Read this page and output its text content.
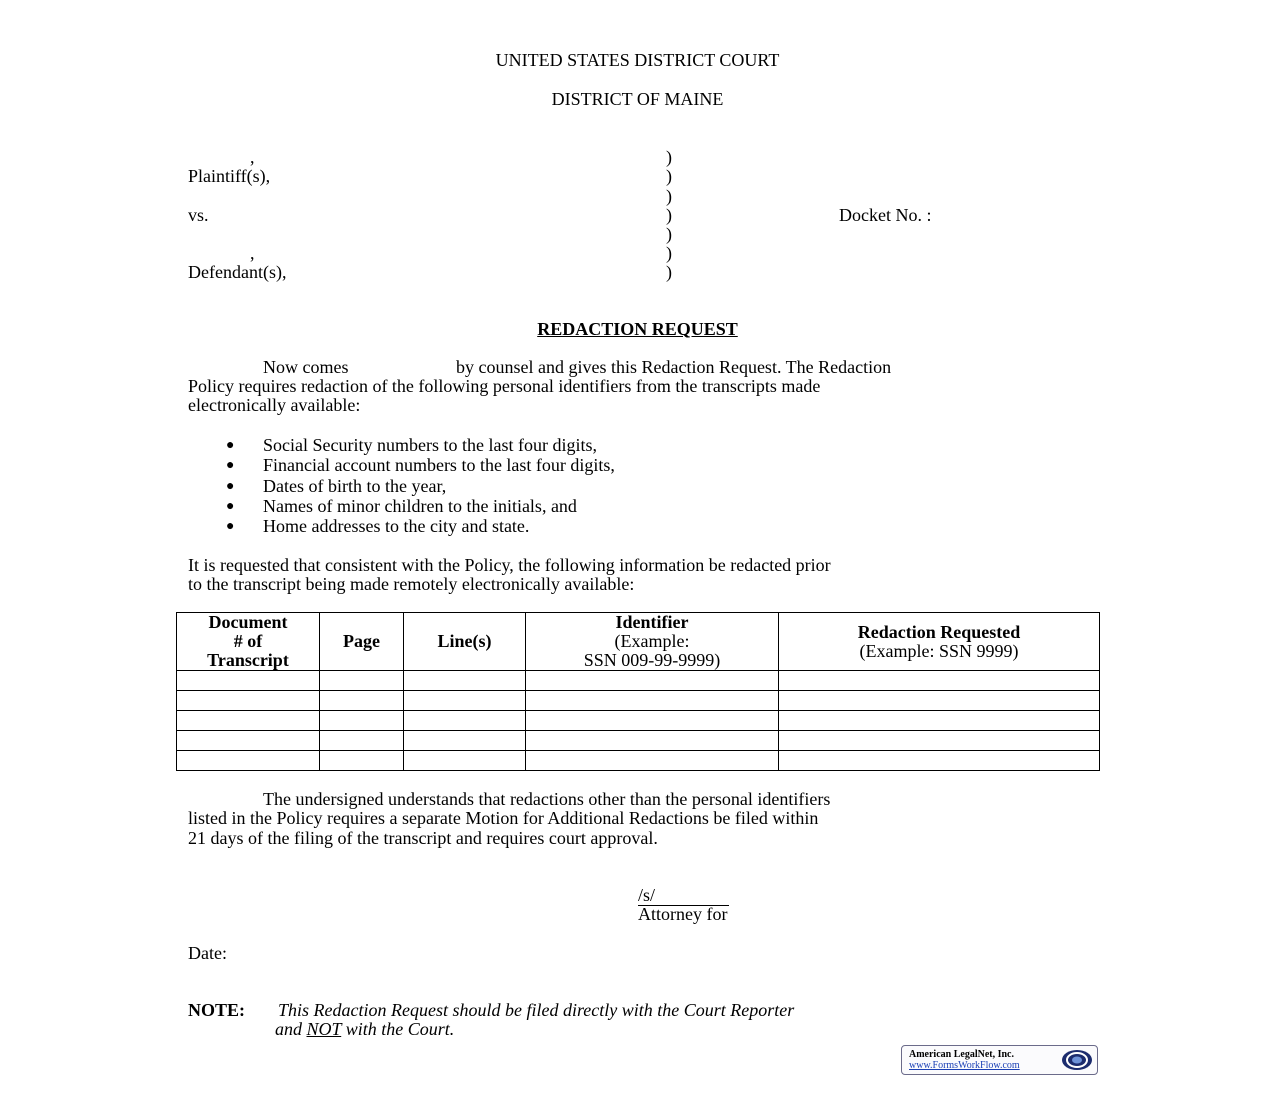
UNITED STATES DISTRICT COURT
DISTRICT OF MAINE
,
Plaintiff(s),
vs.
,
Defendant(s),
)
)
)
)
)
)
)
Docket No. :
REDACTION REQUEST
Now comes	by counsel and gives this Redaction Request. The Redaction
Policy requires redaction of the following personal identifiers from the transcripts made
electronically available:
● Social Security numbers to the last four digits,
● Financial account numbers to the last four digits,
● Dates of birth to the year,
● Names of minor children to the initials, and
● Home addresses to the city and state.
It is requested that consistent with the Policy, the following information be redacted prior
to the transcript being made remotely electronically available:
Document
# of
Transcript	Page	Line(s)	Identifier
(Example:
SSN 009-99-9999)	Redaction Requested
(Example: SSN 9999)

The undersigned understands that redactions other than the personal identifiers
listed in the Policy requires a separate Motion for Additional Redactions be filed within
21 days of the filing of the transcript and requires court approval.
/s/
Attorney for
Date:
NOTE: This Redaction Request should be filed directly with the Court Reporter
and NOT with the Court.
American LegalNet, Inc.
www.FormsWorkFlow.com
